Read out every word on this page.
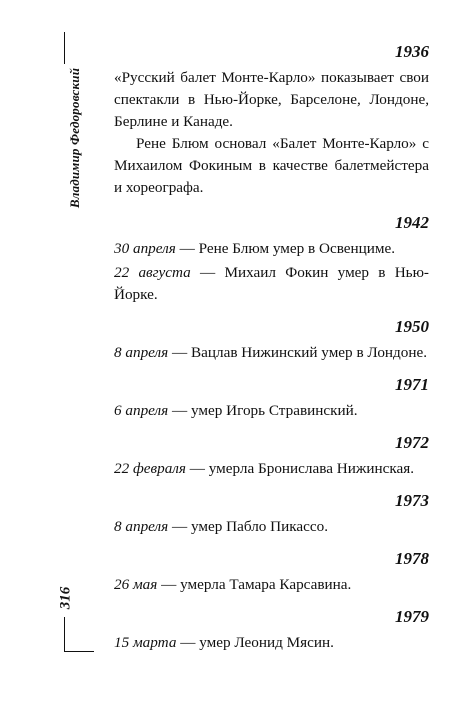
Владимир Федоровский
316
1936

«Русский балет Монте-Карло» показывает свои спектакли в Нью-Йорке, Барселоне, Лондоне, Берлине и Канаде.

Рене Блюм основал «Балет Монте-Карло» с Михаилом Фокиным в качестве балетмейстера и хореографа.

1942

30 апреля — Рене Блюм умер в Освенциме.

22 августа — Михаил Фокин умер в Нью-Йорке.

1950

8 апреля — Вацлав Нижинский умер в Лондоне.

1971

6 апреля — умер Игорь Стравинский.

1972

22 февраля — умерла Бронислава Нижинская.

1973

8 апреля — умер Пабло Пикассо.

1978

26 мая — умерла Тамара Карсавина.

1979

15 марта — умер Леонид Мясин.
